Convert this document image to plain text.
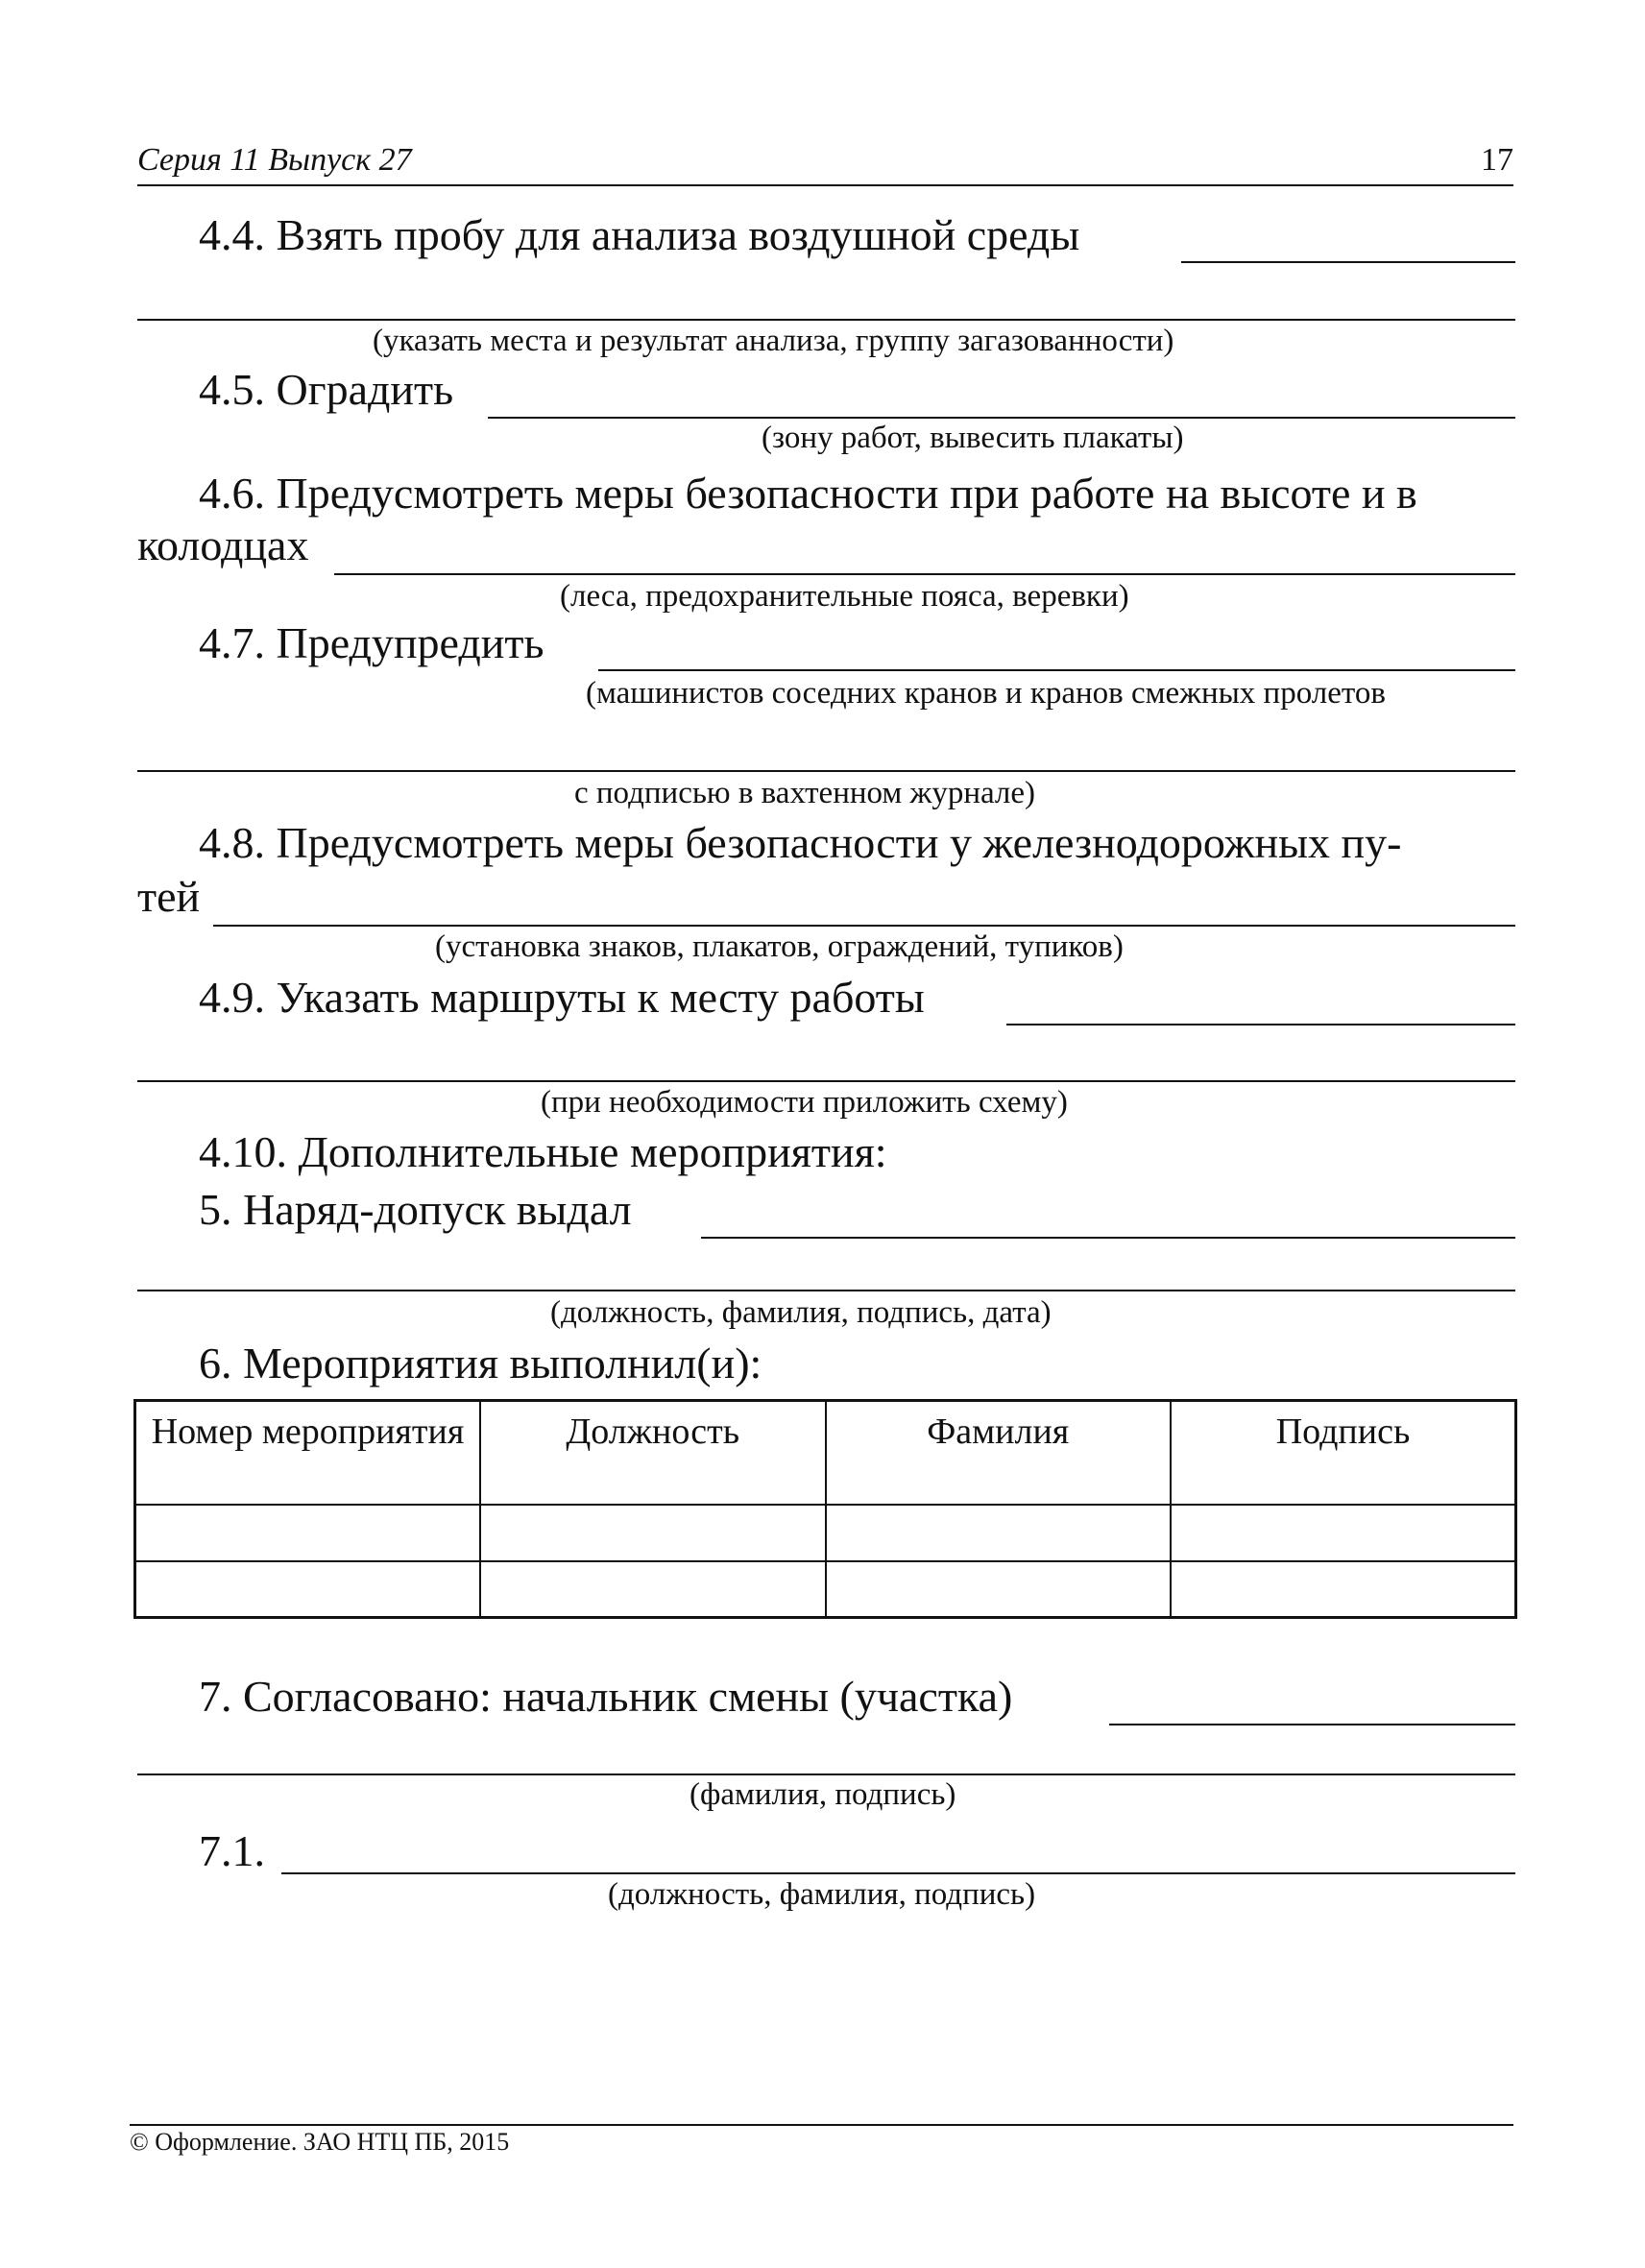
Серия 11 Выпуск 27	17
4.4. Взять пробу для анализа воздушной среды
(указать места и результат анализа, группу загазованности)
4.5. Оградить
(зону работ, вывесить плакаты)
4.6. Предусмотреть меры безопасности при работе на высоте и в
колодцах
(леса, предохранительные пояса, веревки)
4.7. Предупредить
(машинистов соседних кранов и кранов смежных пролетов
с подписью в вахтенном журнале)
4.8. Предусмотреть меры безопасности у железнодорожных пу-
тей
(установка знаков, плакатов, ограждений, тупиков)
4.9. Указать маршруты к месту работы
(при необходимости приложить схему)
4.10. Дополнительные мероприятия:
5. Наряд-допуск выдал
(должность, фамилия, подпись, дата)
6. Мероприятия выполнил(и):
Номер мероприятия	Должность	Фамилия	Подпись

7. Согласовано: начальник смены (участка)
(фамилия, подпись)
7.1.
(должность, фамилия, подпись)
© Оформление. ЗАО НТЦ ПБ, 2015
